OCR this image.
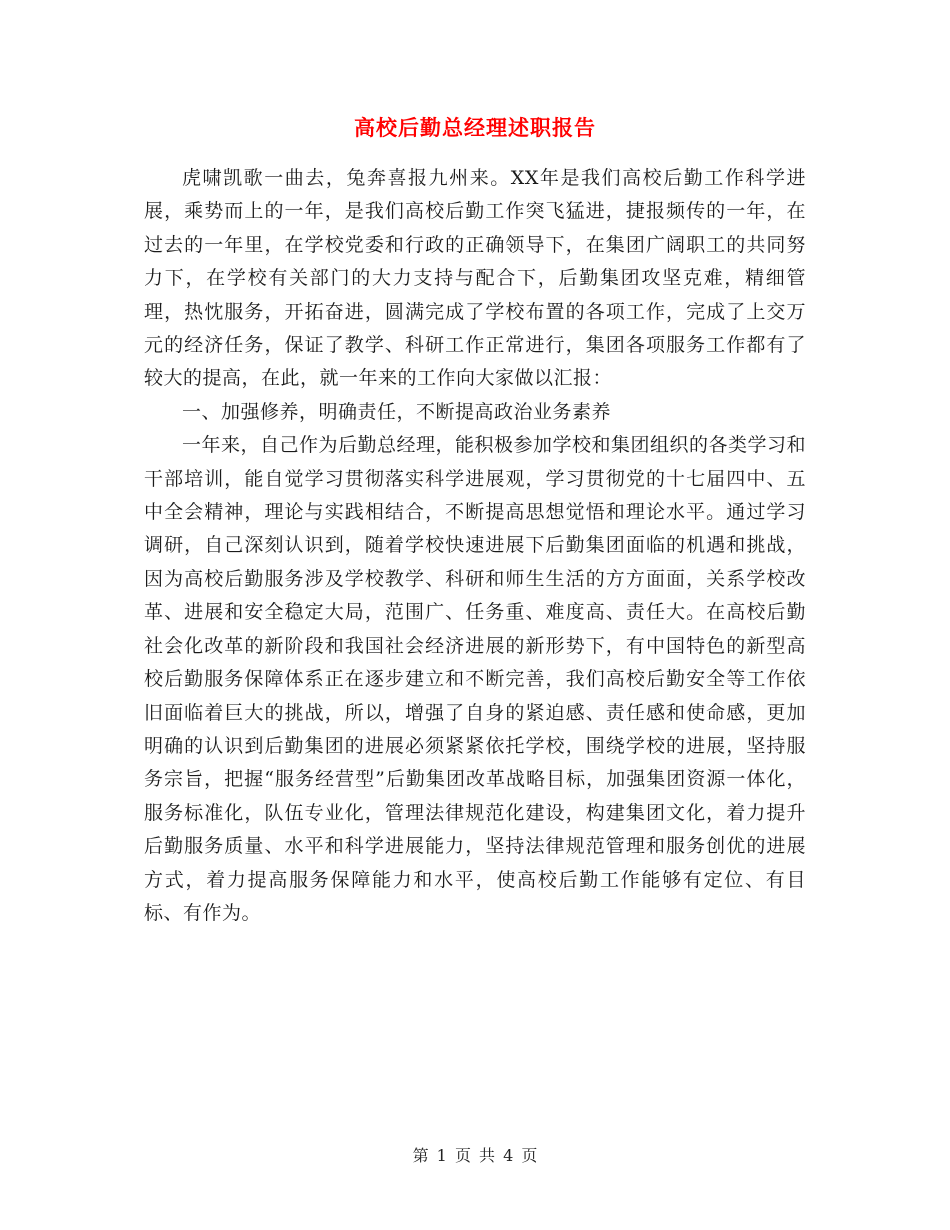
高校后勤总经理述职报告

虎啸凯歌一曲去，兔奔喜报九州来。XX年是我们高校后勤工作科学进展，乘势而上的一年，是我们高校后勤工作突飞猛进，捷报频传的一年，在过去的一年里，在学校党委和行政的正确领导下，在集团广阔职工的共同努力下，在学校有关部门的大力支持与配合下，后勤集团攻坚克难，精细管理，热忱服务，开拓奋进，圆满完成了学校布置的各项工作，完成了上交万元的经济任务，保证了教学、科研工作正常进行，集团各项服务工作都有了较大的提高，在此，就一年来的工作向大家做以汇报：

一、加强修养，明确责任，不断提高政治业务素养

一年来，自己作为后勤总经理，能积极参加学校和集团组织的各类学习和干部培训，能自觉学习贯彻落实科学进展观，学习贯彻党的十七届四中、五中全会精神，理论与实践相结合，不断提高思想觉悟和理论水平。通过学习调研，自己深刻认识到，随着学校快速进展下后勤集团面临的机遇和挑战，因为高校后勤服务涉及学校教学、科研和师生生活的方方面面，关系学校改革、进展和安全稳定大局，范围广、任务重、难度高、责任大。在高校后勤社会化改革的新阶段和我国社会经济进展的新形势下，有中国特色的新型高校后勤服务保障体系正在逐步建立和不断完善，我们高校后勤安全等工作依旧面临着巨大的挑战，所以，增强了自身的紧迫感、责任感和使命感，更加明确的认识到后勤集团的进展必须紧紧依托学校，围绕学校的进展，坚持服务宗旨，把握“服务经营型”后勤集团改革战略目标，加强集团资源一体化，服务标准化，队伍专业化，管理法律规范化建设，构建集团文化，着力提升后勤服务质量、水平和科学进展能力，坚持法律规范管理和服务创优的进展方式，着力提高服务保障能力和水平，使高校后勤工作能够有定位、有目标、有作为。

第 1 页 共 4 页
